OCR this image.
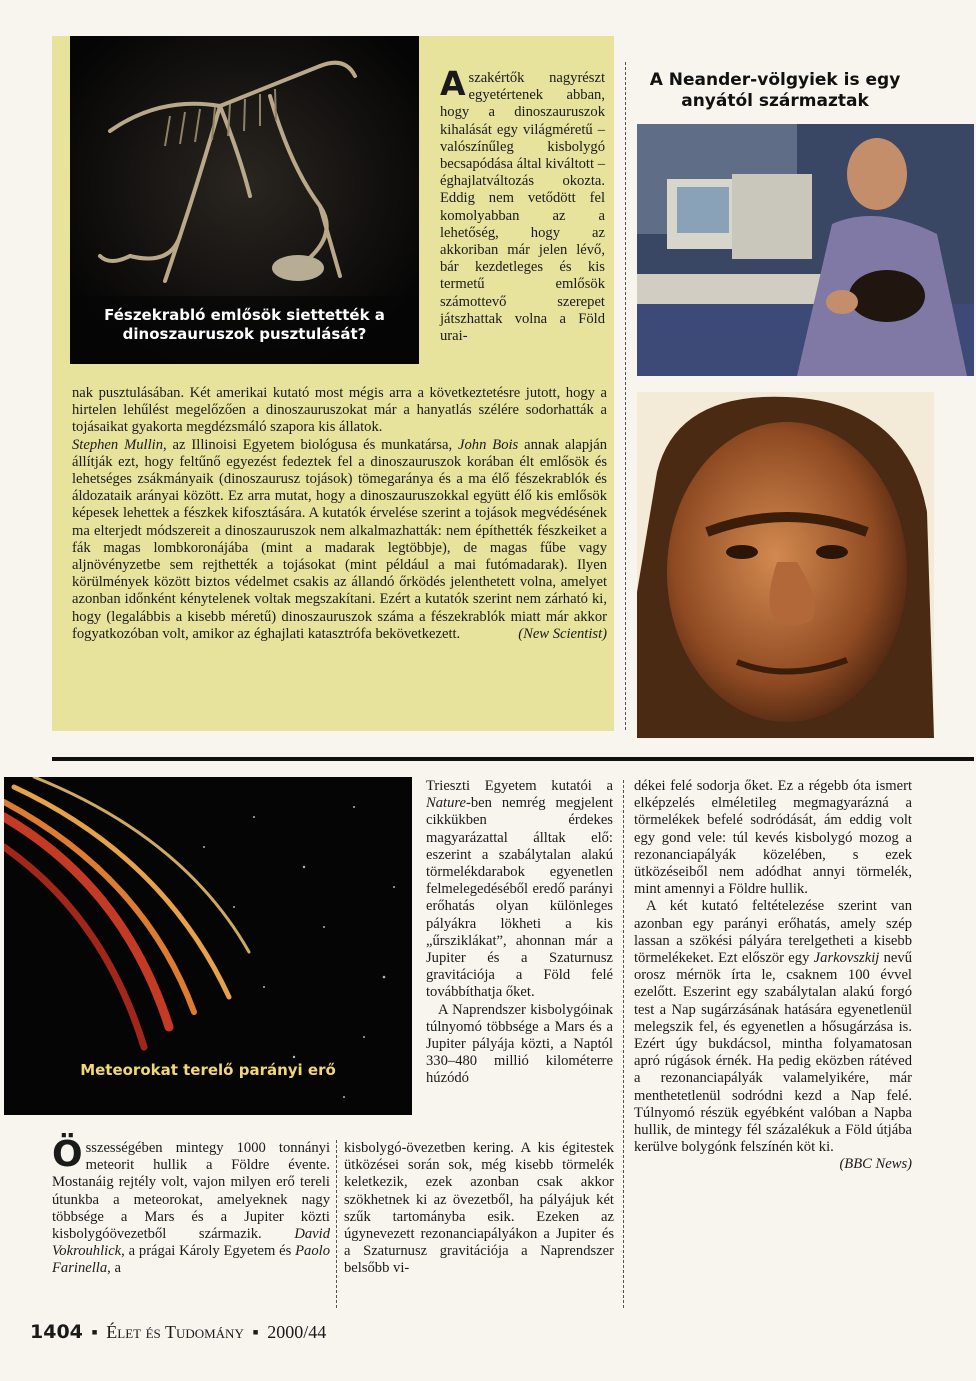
Fészekrabló emlősök siettették a dinoszauruszok pusztulását?
Aszakértők nagyrészt egyetértenek abban, hogy a dinoszauruszok kihalását egy világméretű – valószínűleg kisbolygó becsapódása által kiváltott – éghajlatváltozás okozta. Eddig nem vetődött fel komolyabban az a lehetőség, hogy az akkoriban már jelen lévő, bár kezdetleges és kis termetű emlősök számottevő szerepet játszhattak volna a Föld urai-

nak pusztulásában. Két amerikai kutató most mégis arra a következtetésre jutott, hogy a hirtelen lehűlést megelőzően a dinoszauruszokat már a hanyatlás szélére sodorhatták a tojásaikat gyakorta megdézsmáló szapora kis állatok.

Stephen Mullin, az Illinoisi Egyetem biológusa és munkatársa, John Bois annak alapján állítják ezt, hogy feltűnő egyezést fedeztek fel a dinoszauruszok korában élt emlősök és lehetséges zsákmányaik (dinoszaurusz tojások) tömegaránya és a ma élő fészekrablók és áldozataik arányai között. Ez arra mutat, hogy a dinoszauruszokkal együtt élő kis emlősök képesek lehettek a fészkek kifosztására. A kutatók érvelése szerint a tojások megvédésének ma elterjedt módszereit a dinoszauruszok nem alkalmazhatták: nem építhették fészkeiket a fák magas lombkoronájába (mint a madarak legtöbbje), de magas fűbe vagy aljnövényzetbe sem rejthették a tojásokat (mint például a mai futómadarak). Ilyen körülmények között biztos védelmet csakis az állandó őrködés jelenthetett volna, amelyet azonban időnként kénytelenek voltak megszakítani. Ezért a kutatók szerint nem zárható ki, hogy (legalábbis a kisebb méretű) dinoszauruszok száma a fészekrablók miatt már akkor fogyatkozóban volt, amikor az éghajlati katasztrófa bekövetkezett.	(New Scientist)

A Neander-völgyiek is egy anyától származtak
Meteorokat terelő parányi erő

Trieszti Egyetem kutatói a Nature-ben nemrég megjelent cikkükben érdekes magyarázattal álltak elő: eszerint a szabálytalan alakú törmelékdarabok egyenetlen felmelegedéséből eredő parányi erőhatás olyan különleges pályákra lökheti a kis „űrsziklákat”, ahonnan már a Jupiter és a Szaturnusz gravitációja a Föld felé továbbíthatja őket.

A Naprendszer kisbolygóinak túlnyomó többsége a Mars és a Jupiter pályája közti, a Naptól 330–480 millió kilométerre húzódó

Összességében mintegy 1000 tonnányi meteorit hullik a Földre évente. Mostanáig rejtély volt, vajon milyen erő tereli útunkba a meteorokat, amelyeknek nagy többsége a Mars és a Jupiter közti kisbolygóövezetből származik. David Vokrouhlick, a prágai Károly Egyetem és Paolo Farinella, a
kisbolygó-övezetben kering. A kis égitestek ütközései során sok, még kisebb törmelék keletkezik, ezek azonban csak akkor szökhetnek ki az övezetből, ha pályájuk két szűk tartományba esik. Ezeken az úgynevezett rezonanciapályákon a Jupiter és a Szaturnusz gravitációja a Naprendszer belsőbb vi-

dékei felé sodorja őket. Ez a régebb óta ismert elképzelés elméletileg megmagyarázná a törmelékek befelé sodródását, ám eddig volt egy gond vele: túl kevés kisbolygó mozog a rezonanciapályák közelében, s ezek ütközéseiből nem adódhat annyi törmelék, mint amennyi a Földre hullik.

A két kutató feltételezése szerint van azonban egy parányi erőhatás, amely szép lassan a szökési pályára terelgetheti a kisebb törmelékeket. Ezt először egy Jarkovszkij nevű orosz mérnök írta le, csaknem 100 évvel ezelőtt. Eszerint egy szabálytalan alakú forgó test a Nap sugárzásának hatására egyenetlenül melegszik fel, és egyenetlen a hősugárzása is. Ezért úgy bukdácsol, mintha folyamatosan apró rúgások érnék. Ha pedig eközben rátéved a rezonanciapályák valamelyikére, már menthetetlenül sodródni kezd a Nap felé. Túlnyomó részük egyébként valóban a Napba hullik, de mintegy fél százalékuk a Föld útjába kerülve bolygónk felszínén köt ki.
(BBC News)

1404 ▪ Élet és Tudomány ▪ 2000/44
